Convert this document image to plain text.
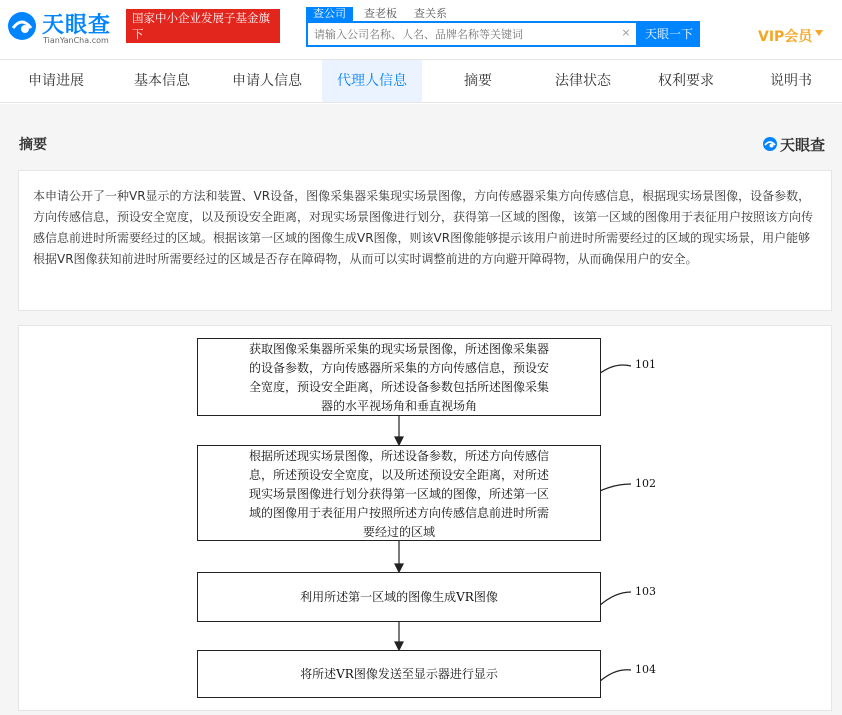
天眼查
TianYanCha.com
国家中小企业发展子基金旗下
官方备案企业征信机构
查公司	查老板 查关系
请输入公司名称、人名、品牌名称等关键词
×	天眼一下	VIP会员
申请进展	基本信息	申请人信息	代理人信息	摘要	法律状态	权利要求	说明书
摘要	天眼查
本申请公开了一种VR显示的方法和装置、VR设备，图像采集器采集现实场景图像，方向传感器采集方向传感信息，根据现实场景图像，设备参数，方向传感信息，预设安全宽度，以及预设安全距离，对现实场景图像进行划分，获得第一区域的图像，该第一区域的图像用于表征用户按照该方向传感信息前进时所需要经过的区域。根据该第一区域的图像生成VR图像，则该VR图像能够提示该用户前进时所需要经过的区域的现实场景，用户能够根据VR图像获知前进时所需要经过的区域是否存在障碍物，从而可以实时调整前进的方向避开障碍物，从而确保用户的安全。
获取图像采集器所采集的现实场景图像，所述图像采集器
的设备参数，方向传感器所采集的方向传感信息，预设安
全宽度，预设安全距离，所述设备参数包括所述图像采集
器的水平视场角和垂直视场角
101
根据所述现实场景图像，所述设备参数，所述方向传感信
息，所述预设安全宽度，以及所述预设安全距离，对所述
现实场景图像进行划分获得第一区域的图像，所述第一区
域的图像用于表征用户按照所述方向传感信息前进时所需
要经过的区域
102
利用所述第一区域的图像生成VR图像	103
将所述VR图像发送至显示器进行显示	104
